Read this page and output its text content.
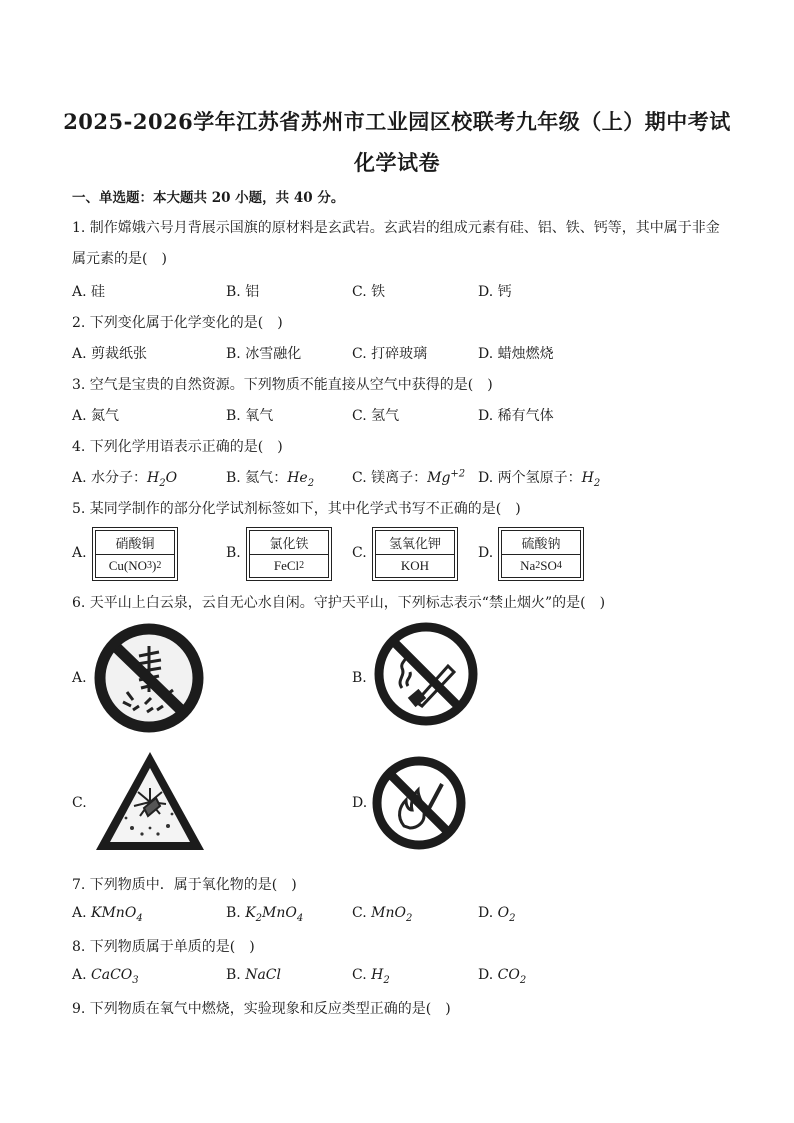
2025-2026学年江苏省苏州市工业园区校联考九年级（上）期中考试
化学试卷
一、单选题：本大题共 20 小题，共 40 分。
1. 制作嫦娥六号月背展示国旗的原材料是玄武岩。玄武岩的组成元素有硅、铝、铁、钙等，其中属于非金
属元素的是(　)
A. 硅	B. 铝	C. 铁	D. 钙
2. 下列变化属于化学变化的是(　)
A. 剪裁纸张	B. 冰雪融化	C. 打碎玻璃	D. 蜡烛燃烧
3. 空气是宝贵的自然资源。下列物质不能直接从空气中获得的是(　)
A. 氮气	B. 氧气	C. 氢气	D. 稀有气体
4. 下列化学用语表示正确的是(　)
A. 水分子：$H_2O$	B. 氦气：$He_2$	C. 镁离子：$Mg^{+2}$ D. 两个氢原子：$H_2$
5. 某同学制作的部分化学试剂标签如下，其中化学式书写不正确的是(　)
A.	B.	C.	D.
硝酸铜
Cu(NO 3 ) 2
氯化铁
FeCl 2
氢氧化钾
KOH
硫酸钠
Na 2 SO 4
6. 天平山上白云泉，云自无心水自闲。守护天平山，下列标志表示“禁止烟火”的是(　)
A.	B.
C.	D.
7. 下列物质中．属于氧化物的是(　)
A. KMnO$_4$	B. $K_2MnO_4$	C. MnO$_2$	D. $O_2$
8. 下列物质属于单质的是(　)
A. CaCO$_3$	B. NaCl	C. $H_2$	D. $CO_2$
9. 下列物质在氧气中燃烧，实验现象和反应类型正确的是(　)
